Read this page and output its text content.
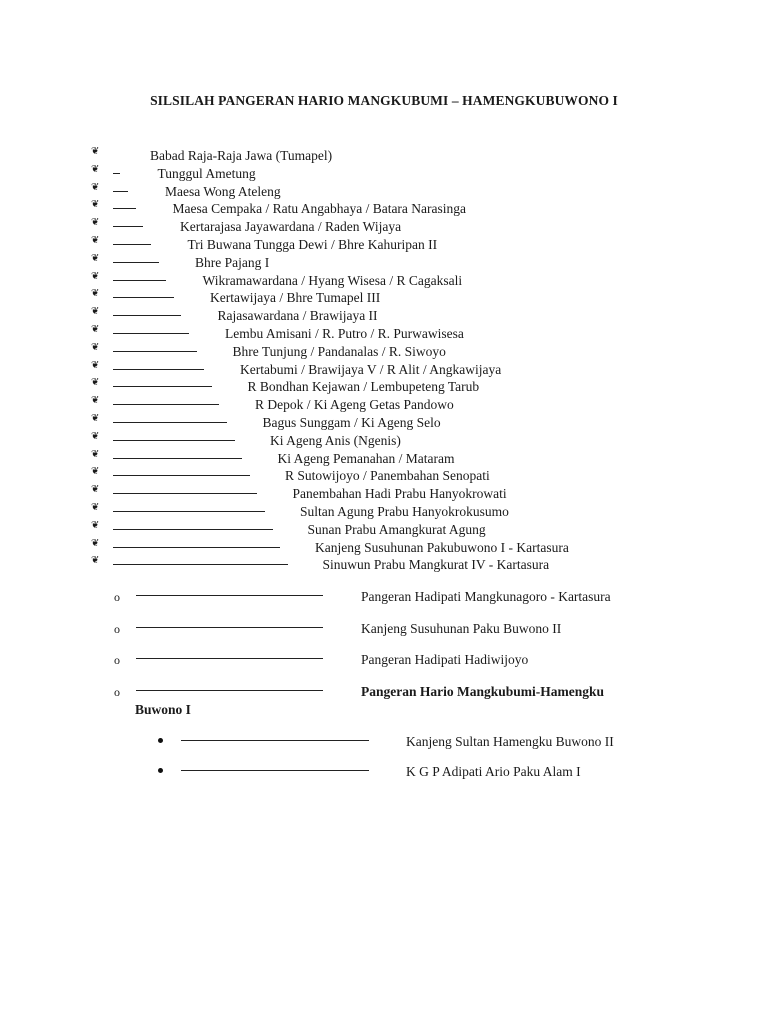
SILSILAH PANGERAN HARIO MANGKUBUMI – HAMENGKUBUWONO I
❦	Babad Raja-Raja Jawa (Tumapel)
❦	Tunggul Ametung
❦	Maesa Wong Ateleng
❦	Maesa Cempaka / Ratu Angabhaya / Batara Narasinga
❦	Kertarajasa Jayawardana / Raden Wijaya
❦	Tri Buwana Tungga Dewi / Bhre Kahuripan II
❦	Bhre Pajang I
❦	Wikramawardana / Hyang Wisesa / R Cagaksali
❦	Kertawijaya / Bhre Tumapel III
❦	Rajasawardana / Brawijaya II
❦	Lembu Amisani / R. Putro / R. Purwawisesa
❦	Bhre Tunjung / Pandanalas / R. Siwoyo
❦	Kertabumi / Brawijaya V / R Alit / Angkawijaya
❦	R Bondhan Kejawan / Lembupeteng Tarub
❦	R Depok / Ki Ageng Getas Pandowo
❦	Bagus Sunggam / Ki Ageng Selo
❦	Ki Ageng Anis (Ngenis)
❦	Ki Ageng Pemanahan / Mataram
❦	R Sutowijoyo / Panembahan Senopati
❦	Panembahan Hadi Prabu Hanyokrowati
❦	Sultan Agung Prabu Hanyokrokusumo
❦	Sunan Prabu Amangkurat Agung
❦	Kanjeng Susuhunan Pakubuwono I - Kartasura
❦	Sinuwun Prabu Mangkurat IV - Kartasura
o	Pangeran Hadipati Mangkunagoro - Kartasura
o	Kanjeng Susuhunan Paku Buwono II
o	Pangeran Hadipati Hadiwijoyo
o	Pangeran Hario Mangkubumi-Hamengku
Buwono I
Kanjeng Sultan Hamengku Buwono II
K G P Adipati Ario Paku Alam I
